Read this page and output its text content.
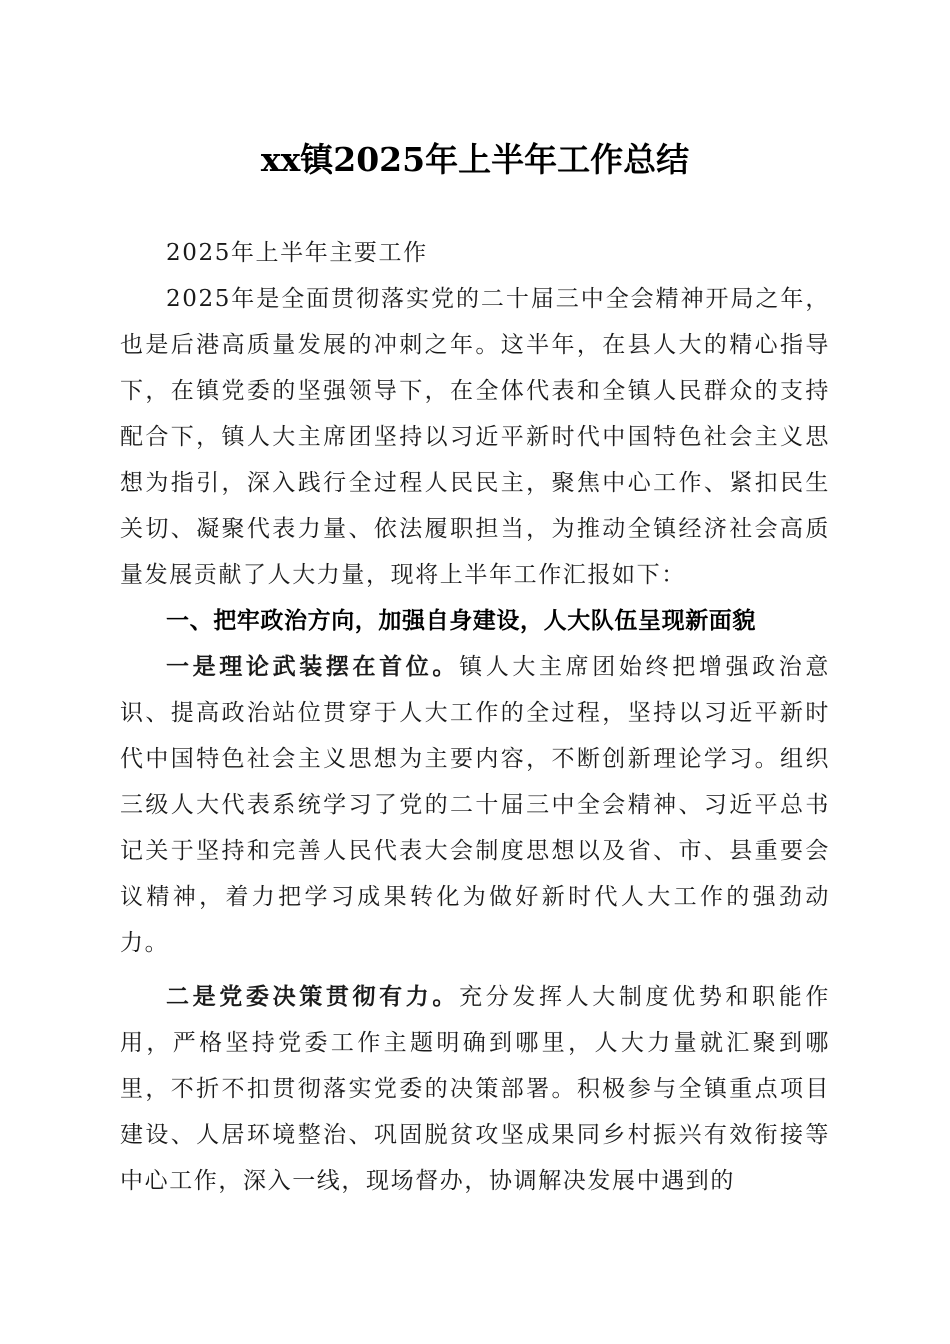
xx镇2025年上半年工作总结

2025年上半年主要工作

2025年是全面贯彻落实党的二十届三中全会精神开局之年，也是后港高质量发展的冲刺之年。这半年，在县人大的精心指导下，在镇党委的坚强领导下，在全体代表和全镇人民群众的支持配合下，镇人大主席团坚持以习近平新时代中国特色社会主义思想为指引，深入践行全过程人民民主，聚焦中心工作、紧扣民生关切、凝聚代表力量、依法履职担当，为推动全镇经济社会高质量发展贡献了人大力量，现将上半年工作汇报如下：

一、把牢政治方向，加强自身建设，人大队伍呈现新面貌

一是理论武装摆在首位。镇人大主席团始终把增强政治意识、提高政治站位贯穿于人大工作的全过程，坚持以习近平新时代中国特色社会主义思想为主要内容，不断创新理论学习。组织三级人大代表系统学习了党的二十届三中全会精神、习近平总书记关于坚持和完善人民代表大会制度思想以及省、市、县重要会议精神，着力把学习成果转化为做好新时代人大工作的强劲动力。

二是党委决策贯彻有力。充分发挥人大制度优势和职能作用，严格坚持党委工作主题明确到哪里，人大力量就汇聚到哪里，不折不扣贯彻落实党委的决策部署。积极参与全镇重点项目建设、人居环境整治、巩固脱贫攻坚成果同乡村振兴有效衔接等中心工作，深入一线，现场督办，协调解决发展中遇到的
